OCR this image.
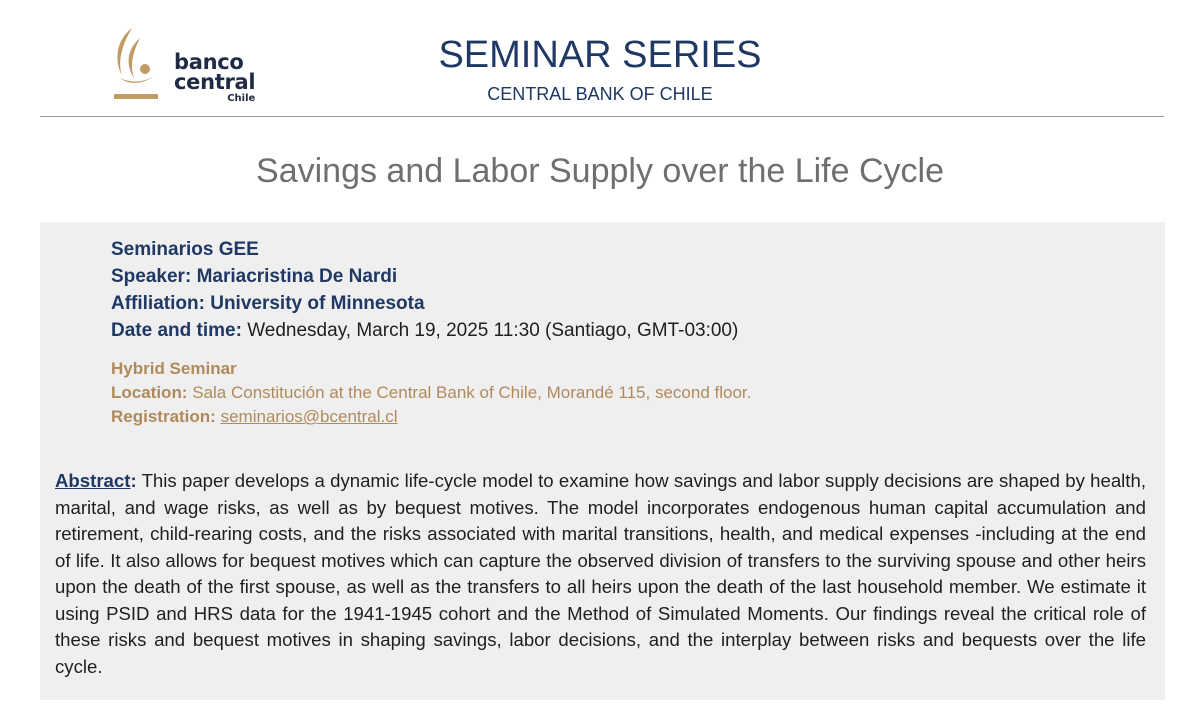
banco
central
Chile
SEMINAR SERIES
CENTRAL BANK OF CHILE
Savings and Labor Supply over the Life Cycle
Seminarios GEE
Speaker: Mariacristina De Nardi
Affiliation: University of Minnesota
Date and time: Wednesday, March 19, 2025 11:30 (Santiago, GMT-03:00)
Hybrid Seminar
Location: Sala Constitución at the Central Bank of Chile, Morandé 115, second floor.
Registration: seminarios@bcentral.cl
Abstract: This paper develops a dynamic life-cycle model to examine how savings and labor supply decisions are shaped by health, marital, and wage risks, as well as by bequest motives. The model incorporates endogenous human capital accumulation and retirement, child-rearing costs, and the risks associated with marital transitions, health, and medical expenses -including at the end of life. It also allows for bequest motives which can capture the observed division of transfers to the surviving spouse and other heirs upon the death of the first spouse, as well as the transfers to all heirs upon the death of the last household member. We estimate it using PSID and HRS data for the 1941-1945 cohort and the Method of Simulated Moments. Our findings reveal the critical role of these risks and bequest motives in shaping savings, labor decisions, and the interplay between risks and bequests over the life cycle.
